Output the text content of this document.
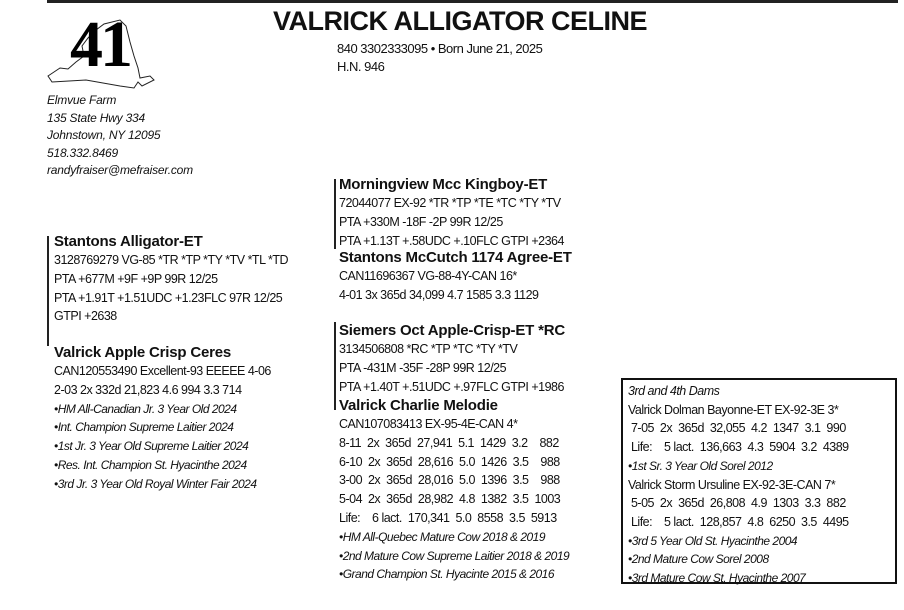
41	VALRICK ALLIGATOR CELINE
840 3302333095 • Born June 21, 2025
H.N. 946
Elmvue Farm
135 State Hwy 334
Johnstown, NY 12095
518.332.8469
randyfraiser@mefraiser.com
Morningview Mcc Kingboy-ET
72044077 EX-92 *TR *TP *TE *TC *TY *TV
PTA +330M -18F -2P 99R 12/25
PTA +1.13T +.58UDC +.10FLC GTPI +2364
Stantons McCutch 1174 Agree-ET
CAN11696367 VG-88-4Y-CAN 16*
4-01 3x 365d 34,099 4.7 1585 3.3 1129
Stantons Alligator-ET
3128769279 VG-85 *TR *TP *TY *TV *TL *TD
PTA +677M +9F +9P 99R 12/25
PTA +1.91T +1.51UDC +1.23FLC 97R 12/25
GTPI +2638
Valrick Apple Crisp Ceres
CAN120553490 Excellent-93 EEEEE 4-06
2-03 2x 332d 21,823 4.6 994 3.3 714
•HM All-Canadian Jr. 3 Year Old 2024
•Int. Champion Supreme Laitier 2024
•1st Jr. 3 Year Old Supreme Laitier 2024
•Res. Int. Champion St. Hyacinthe 2024
•3rd Jr. 3 Year Old Royal Winter Fair 2024
Siemers Oct Apple-Crisp-ET *RC
3134506808 *RC *TP *TC *TY *TV
PTA -431M -35F -28P 99R 12/25
PTA +1.40T +.51UDC +.97FLC GTPI +1986
Valrick Charlie Melodie
CAN107083413 EX-95-4E-CAN 4*
8-11  2x  365d  27,941  5.1  1429  3.2    882
6-10  2x  365d  28,616  5.0  1426  3.5    988
3-00  2x  365d  28,016  5.0  1396  3.5    988
5-04  2x  365d  28,982  4.8  1382  3.5  1003
Life:    6 lact.  170,341  5.0  8558  3.5  5913
•HM All-Quebec Mature Cow 2018 & 2019
•2nd Mature Cow Supreme Laitier 2018 & 2019
•Grand Champion St. Hyacinte 2015 & 2016
3rd and 4th Dams
Valrick Dolman Bayonne-ET EX-92-3E 3*
7-05  2x  365d  32,055  4.2  1347  3.1  990
Life:    5 lact.  136,663  4.3  5904  3.2  4389
•1st Sr. 3 Year Old Sorel 2012
Valrick Storm Ursuline EX-92-3E-CAN 7*
5-05  2x  365d  26,808  4.9  1303  3.3  882
Life:    5 lact.  128,857  4.8  6250  3.5  4495
•3rd 5 Year Old St. Hyacinthe 2004
•2nd Mature Cow Sorel 2008
•3rd Mature Cow St. Hyacinthe 2007
